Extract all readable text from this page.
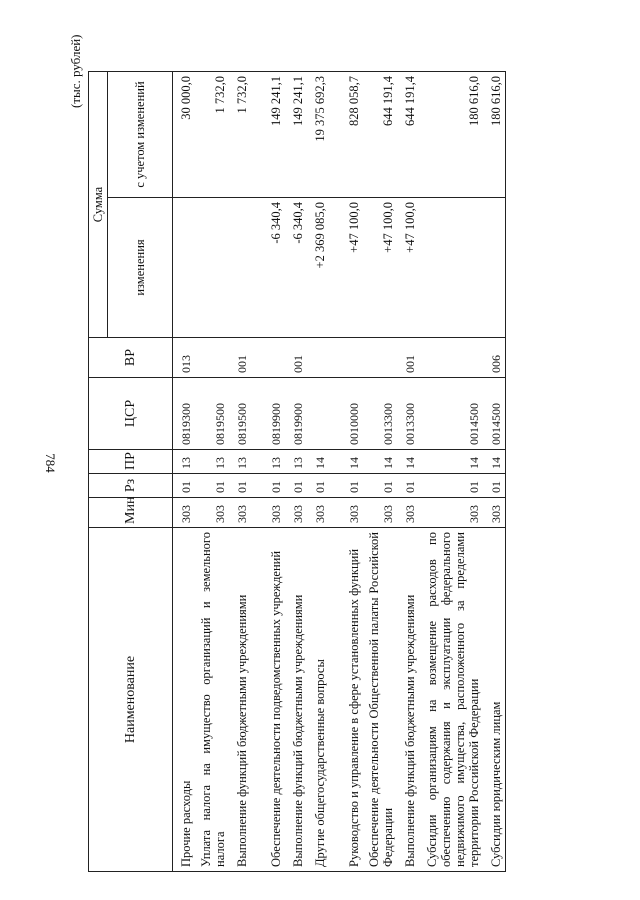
784
(тыс. рублей)
Наименование	Мин	Рз	ПР	ЦСР	ВР	Сумма	
						изменения	с учетом изменений
Прочие расходы	303	01	13	0819300	013		30 000,0
Уплата налога на имущество организаций и земельного налога	303	01	13	0819500			1 732,0
Выполнение функций бюджетными учреждениями	303	01	13	0819500	001		1 732,0
Обеспечение деятельности подведомственных учреждений	303	01	13	0819900		-6 340,4	149 241,1
Выполнение функций бюджетными учреждениями	303	01	13	0819900	001	-6 340,4	149 241,1
Другие общегосударственные вопросы	303	01	14			+2 369 085,0	19 375 692,3
Руководство и управление в сфере установленных функций	303	01	14	0010000		+47 100,0	828 058,7
Обеспечение деятельности Общественной палаты Российской Федерации	303	01	14	0013300		+47 100,0	644 191,4
Выполнение функций бюджетными учреждениями	303	01	14	0013300	001	+47 100,0	644 191,4
Субсидии организациям на возмещение расходов по обеспечению содержания и эксплуатации федерального недвижимого имущества, расположенного за пределами территории Российской Федерации	303	01	14	0014500			180 616,0
Субсидии юридическим лицам	303	01	14	0014500	006		180 616,0
